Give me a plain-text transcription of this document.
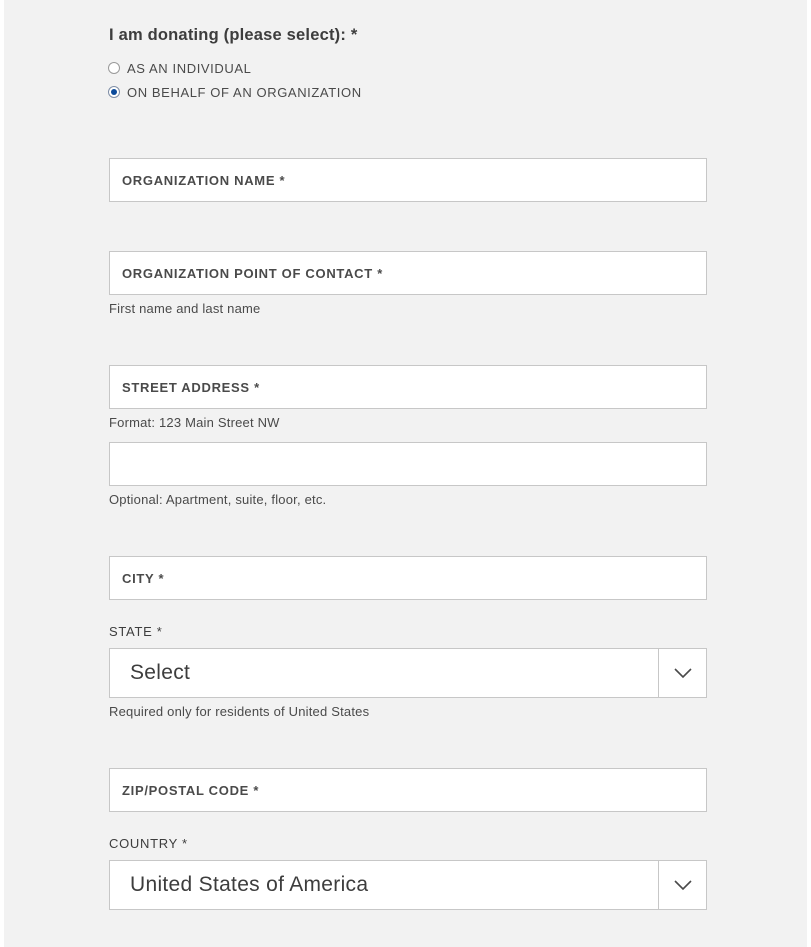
I am donating (please select): *
AS AN INDIVIDUAL
ON BEHALF OF AN ORGANIZATION
ORGANIZATION NAME *
ORGANIZATION POINT OF CONTACT *
First name and last name
STREET ADDRESS *
Format: 123 Main Street NW
Optional: Apartment, suite, floor, etc.
CITY *
STATE *
Select
Required only for residents of United States
ZIP/POSTAL CODE *
COUNTRY *
United States of America
